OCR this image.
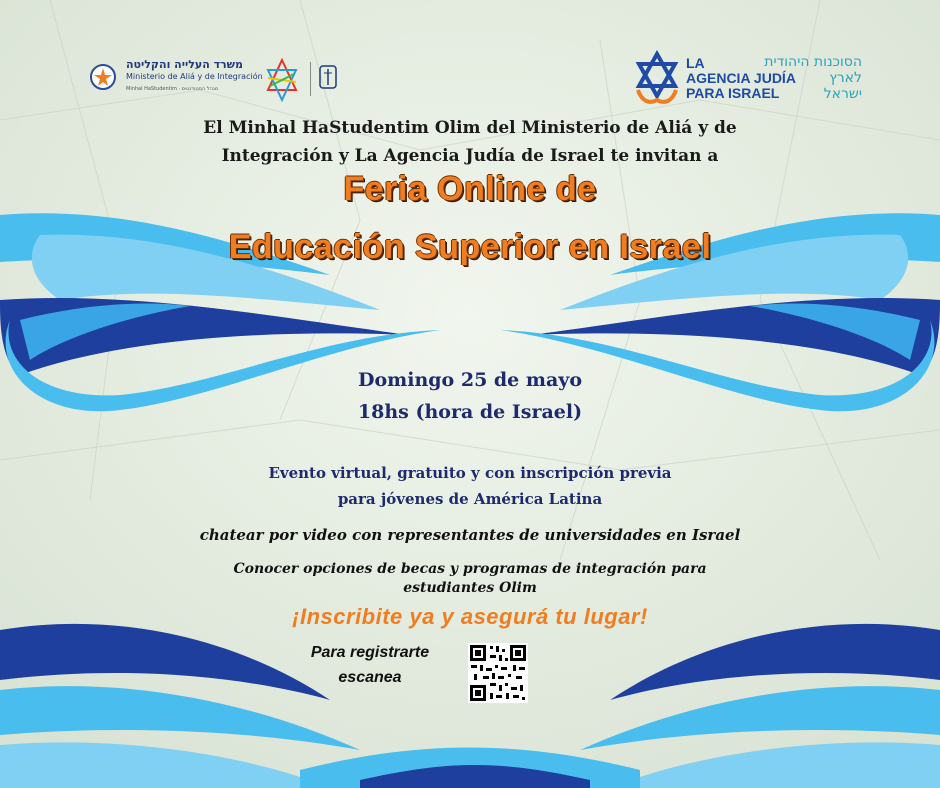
משרד העלייה והקליטה
Ministerio de Aliá y de Integración
Minhal HaStudentim · מנהל הסטודנטים
LA
AGENCIA JUDÍA
PARA ISRAEL
הסוכנות היהודית
לארץ
ישראל
El Minhal HaStudentim Olim del Ministerio de Aliá y de
Integración y La Agencia Judía de Israel te invitan a
Feria Online de
Educación Superior en Israel
Domingo 25 de mayo
18hs (hora de Israel)
Evento virtual, gratuito y con inscripción previa
para jóvenes de América Latina
chatear por video con representantes de universidades en Israel
Conocer opciones de becas y programas de integración para
estudiantes Olim
¡Inscribite ya y asegurá tu lugar!
Para registrarte
escanea
